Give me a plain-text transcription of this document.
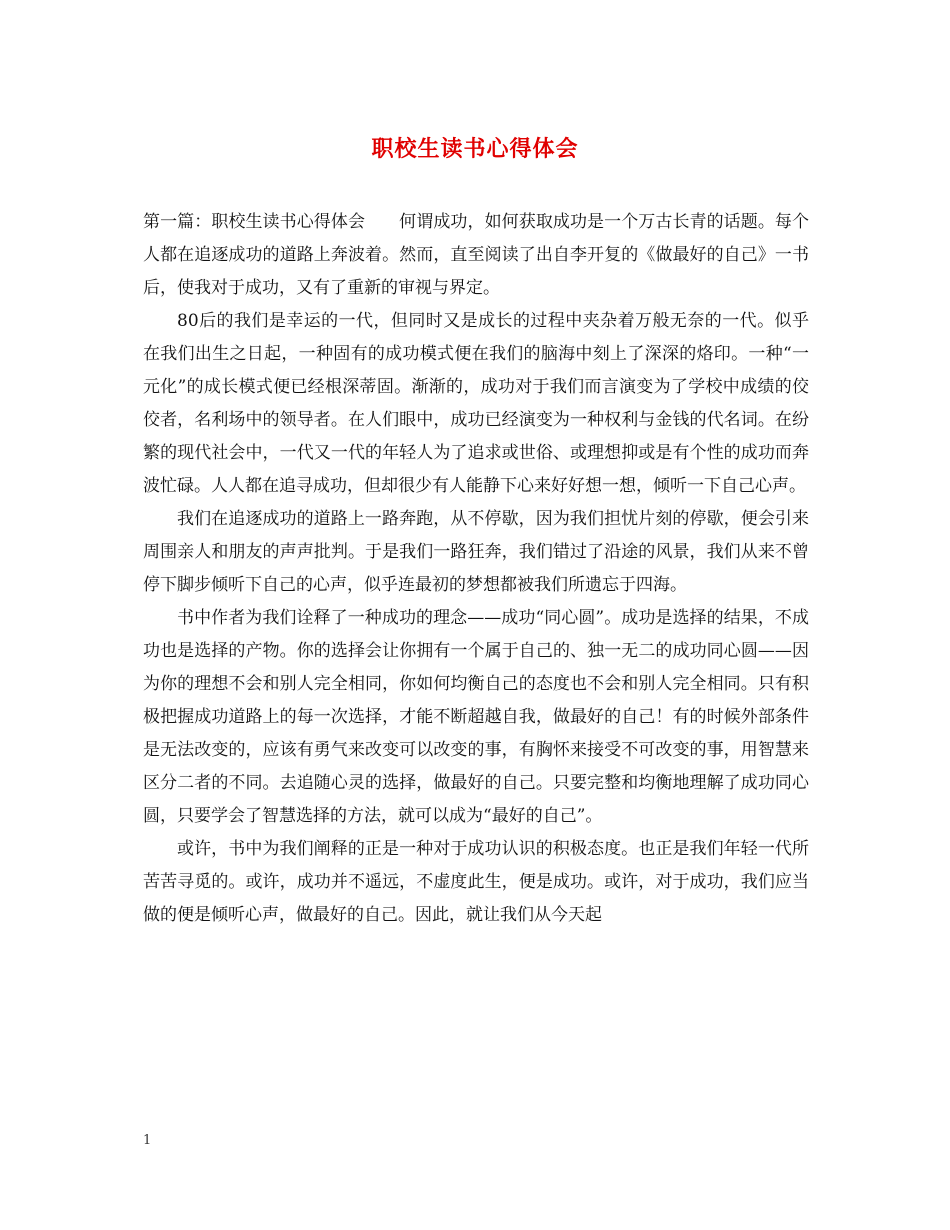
职校生读书心得体会

第一篇：职校生读书心得体会　　何谓成功，如何获取成功是一个万古长青的话题。每个人都在追逐成功的道路上奔波着。然而，直至阅读了出自李开复的《做最好的自己》一书后，使我对于成功，又有了重新的审视与界定。

80后的我们是幸运的一代，但同时又是成长的过程中夹杂着万般无奈的一代。似乎在我们出生之日起，一种固有的成功模式便在我们的脑海中刻上了深深的烙印。一种“一元化”的成长模式便已经根深蒂固。渐渐的，成功对于我们而言演变为了学校中成绩的佼佼者，名利场中的领导者。在人们眼中，成功已经演变为一种权利与金钱的代名词。在纷繁的现代社会中，一代又一代的年轻人为了追求或世俗、或理想抑或是有个性的成功而奔波忙碌。人人都在追寻成功，但却很少有人能静下心来好好想一想，倾听一下自己心声。

我们在追逐成功的道路上一路奔跑，从不停歇，因为我们担忧片刻的停歇，便会引来周围亲人和朋友的声声批判。于是我们一路狂奔，我们错过了沿途的风景，我们从来不曾停下脚步倾听下自己的心声，似乎连最初的梦想都被我们所遗忘于四海。

书中作者为我们诠释了一种成功的理念——成功“同心圆”。成功是选择的结果，不成功也是选择的产物。你的选择会让你拥有一个属于自己的、独一无二的成功同心圆——因为你的理想不会和别人完全相同，你如何均衡自己的态度也不会和别人完全相同。只有积极把握成功道路上的每一次选择，才能不断超越自我，做最好的自己！有的时候外部条件是无法改变的，应该有勇气来改变可以改变的事，有胸怀来接受不可改变的事，用智慧来区分二者的不同。去追随心灵的选择，做最好的自己。只要完整和均衡地理解了成功同心圆，只要学会了智慧选择的方法，就可以成为“最好的自己”。

或许，书中为我们阐释的正是一种对于成功认识的积极态度。也正是我们年轻一代所苦苦寻觅的。或许，成功并不遥远，不虚度此生，便是成功。或许，对于成功，我们应当做的便是倾听心声，做最好的自己。因此，就让我们从今天起

1
